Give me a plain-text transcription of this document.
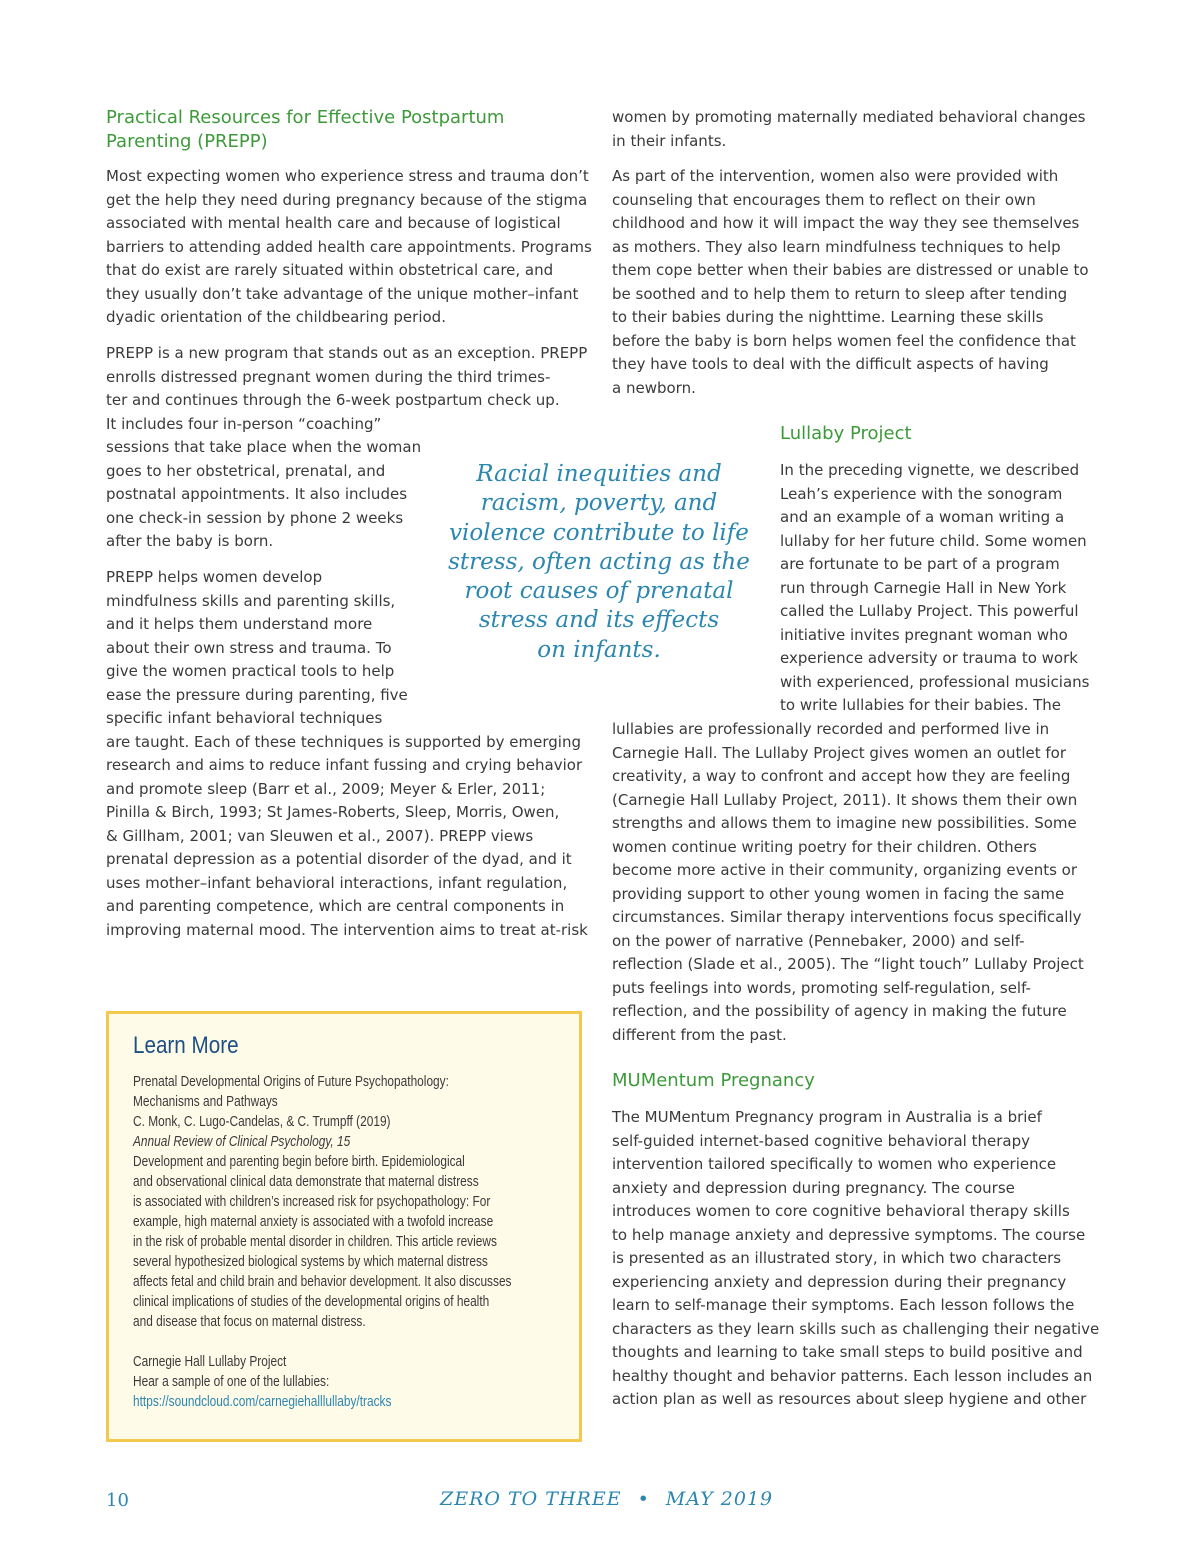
Practical Resources for Effective Postpartum
Parenting (PREPP)
Most expecting women who experience stress and trauma don’t
get the help they need during pregnancy because of the stigma
associated with mental health care and because of logistical
barriers to attending added health care appointments. Programs
that do exist are rarely situated within obstetrical care, and
they usually don’t take advantage of the unique mother–infant
dyadic orientation of the childbearing period.
PREPP is a new program that stands out as an exception. PREPP
enrolls distressed pregnant women during the third trimes-
ter and continues through the 6-week postpartum check up.
It includes four in-person “coaching”
sessions that take place when the woman
goes to her obstetrical, prenatal, and
postnatal appointments. It also includes
one check-in session by phone 2 weeks
after the baby is born.
PREPP helps women develop
mindfulness skills and parenting skills,
and it helps them understand more
about their own stress and trauma. To
give the women practical tools to help
ease the pressure during parenting, five
specific infant behavioral techniques
are taught. Each of these techniques is supported by emerging
research and aims to reduce infant fussing and crying behavior
and promote sleep (Barr et al., 2009; Meyer & Erler, 2011;
Pinilla & Birch, 1993; St James-Roberts, Sleep, Morris, Owen,
& Gillham, 2001; van Sleuwen et al., 2007). PREPP views
prenatal depression as a potential disorder of the dyad, and it
uses mother–infant behavioral interactions, infant regulation,
and parenting competence, which are central components in
improving maternal mood. The intervention aims to treat at-risk
Racial inequities and
racism, poverty, and
violence contribute to life
stress, often acting as the
root causes of prenatal
stress and its effects
on infants.
women by promoting maternally mediated behavioral changes
in their infants.
As part of the intervention, women also were provided with
counseling that encourages them to reflect on their own
childhood and how it will impact the way they see themselves
as mothers. They also learn mindfulness techniques to help
them cope better when their babies are distressed or unable to
be soothed and to help them to return to sleep after tending
to their babies during the nighttime. Learning these skills
before the baby is born helps women feel the confidence that
they have tools to deal with the difficult aspects of having
a newborn.
Lullaby Project
In the preceding vignette, we described
Leah’s experience with the sonogram
and an example of a woman writing a
lullaby for her future child. Some women
are fortunate to be part of a program
run through Carnegie Hall in New York
called the Lullaby Project. This powerful
initiative invites pregnant woman who
experience adversity or trauma to work
with experienced, professional musicians
to write lullabies for their babies. The
lullabies are professionally recorded and performed live in
Carnegie Hall. The Lullaby Project gives women an outlet for
creativity, a way to confront and accept how they are feeling
(Carnegie Hall Lullaby Project, 2011). It shows them their own
strengths and allows them to imagine new possibilities. Some
women continue writing poetry for their children. Others
become more active in their community, organizing events or
providing support to other young women in facing the same
circumstances. Similar therapy interventions focus specifically
on the power of narrative (Pennebaker, 2000) and self-
reflection (Slade et al., 2005). The “light touch” Lullaby Project
puts feelings into words, promoting self-regulation, self-
reflection, and the possibility of agency in making the future
different from the past.
MUMentum Pregnancy
The MUMentum Pregnancy program in Australia is a brief
self-guided internet-based cognitive behavioral therapy
intervention tailored specifically to women who experience
anxiety and depression during pregnancy. The course
introduces women to core cognitive behavioral therapy skills
to help manage anxiety and depressive symptoms. The course
is presented as an illustrated story, in which two characters
experiencing anxiety and depression during their pregnancy
learn to self-manage their symptoms. Each lesson follows the
characters as they learn skills such as challenging their negative
thoughts and learning to take small steps to build positive and
healthy thought and behavior patterns. Each lesson includes an
action plan as well as resources about sleep hygiene and other
Learn More
Prenatal Developmental Origins of Future Psychopathology:
Mechanisms and Pathways
C. Monk, C. Lugo-Candelas, & C. Trumpff (2019)
Annual Review of Clinical Psychology, 15
Development and parenting begin before birth. Epidemiological
and observational clinical data demonstrate that maternal distress
is associated with children’s increased risk for psychopathology: For
example, high maternal anxiety is associated with a twofold increase
in the risk of probable mental disorder in children. This article reviews
several hypothesized biological systems by which maternal distress
affects fetal and child brain and behavior development. It also discusses
clinical implications of studies of the developmental origins of health
and disease that focus on maternal distress.
Carnegie Hall Lullaby Project
Hear a sample of one of the lullabies:
https://soundcloud.com/carnegiehalllullaby/tracks
10	ZERO TO THREE • MAY 2019
